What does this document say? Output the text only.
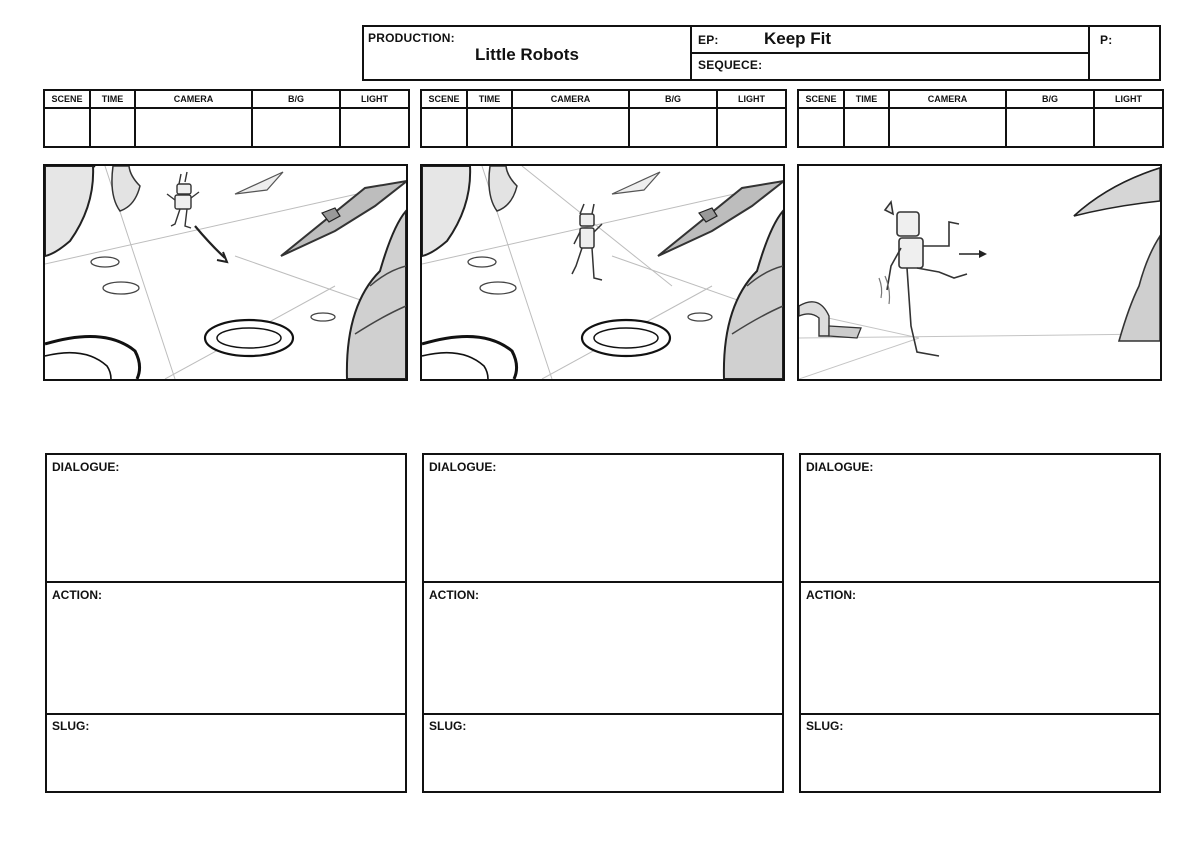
PRODUCTION:
Little Robots
EP:	Keep Fit
SEQUECE:
P:
SCENE	TIME	CAMERA	B/G	LIGHT	SCENE	TIME	CAMERA	B/G	LIGHT	SCENE	TIME	CAMERA	B/G	LIGHT
DIALOGUE:
ACTION:
SLUG:
DIALOGUE:
ACTION:
SLUG:
DIALOGUE:
ACTION:
SLUG:
